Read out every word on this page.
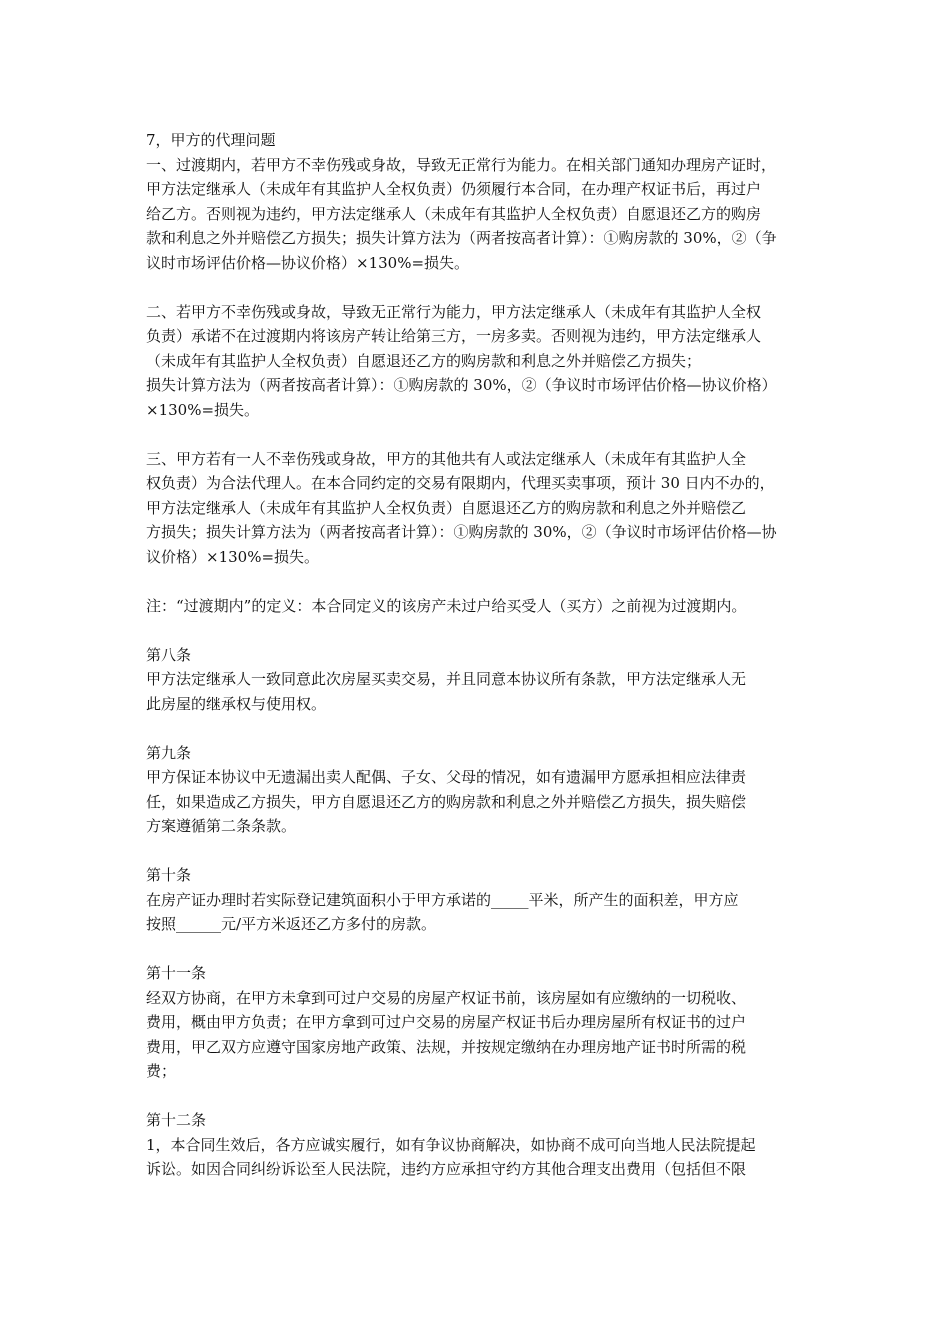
7，甲方的代理问题

一、过渡期内，若甲方不幸伤残或身故，导致无正常行为能力。在相关部门通知办理房产证时，
甲方法定继承人（未成年有其监护人全权负责）仍须履行本合同，在办理产权证书后，再过户
给乙方。否则视为违约，甲方法定继承人（未成年有其监护人全权负责）自愿退还乙方的购房
款和利息之外并赔偿乙方损失；损失计算方法为（两者按高者计算）：①购房款的 30%，②（争
议时市场评估价格—协议价格）×130%=损失。

二、若甲方不幸伤残或身故，导致无正常行为能力，甲方法定继承人（未成年有其监护人全权
负责）承诺不在过渡期内将该房产转让给第三方，一房多卖。否则视为违约，甲方法定继承人
（未成年有其监护人全权负责）自愿退还乙方的购房款和利息之外并赔偿乙方损失；
损失计算方法为（两者按高者计算）：①购房款的 30%，②（争议时市场评估价格—协议价格）
×130%=损失。

三、甲方若有一人不幸伤残或身故，甲方的其他共有人或法定继承人（未成年有其监护人全
权负责）为合法代理人。在本合同约定的交易有限期内，代理买卖事项，预计 30 日内不办的，
甲方法定继承人（未成年有其监护人全权负责）自愿退还乙方的购房款和利息之外并赔偿乙
方损失；损失计算方法为（两者按高者计算）：①购房款的 30%，②（争议时市场评估价格—协
议价格）×130%=损失。

注：“过渡期内”的定义：本合同定义的该房产未过户给买受人（买方）之前视为过渡期内。

第八条

甲方法定继承人一致同意此次房屋买卖交易，并且同意本协议所有条款，甲方法定继承人无
此房屋的继承权与使用权。

第九条

甲方保证本协议中无遗漏出卖人配偶、子女、父母的情况，如有遗漏甲方愿承担相应法律责
任，如果造成乙方损失，甲方自愿退还乙方的购房款和利息之外并赔偿乙方损失，损失赔偿
方案遵循第二条条款。

第十条

在房产证办理时若实际登记建筑面积小于甲方承诺的_____平米，所产生的面积差，甲方应
按照______元/平方米返还乙方多付的房款。

第十一条

经双方协商，在甲方未拿到可过户交易的房屋产权证书前，该房屋如有应缴纳的一切税收、
费用，概由甲方负责；在甲方拿到可过户交易的房屋产权证书后办理房屋所有权证书的过户
费用，甲乙双方应遵守国家房地产政策、法规，并按规定缴纳在办理房地产证书时所需的税
费；

第十二条

1，本合同生效后，各方应诚实履行，如有争议协商解决，如协商不成可向当地人民法院提起
诉讼。如因合同纠纷诉讼至人民法院，违约方应承担守约方其他合理支出费用（包括但不限
